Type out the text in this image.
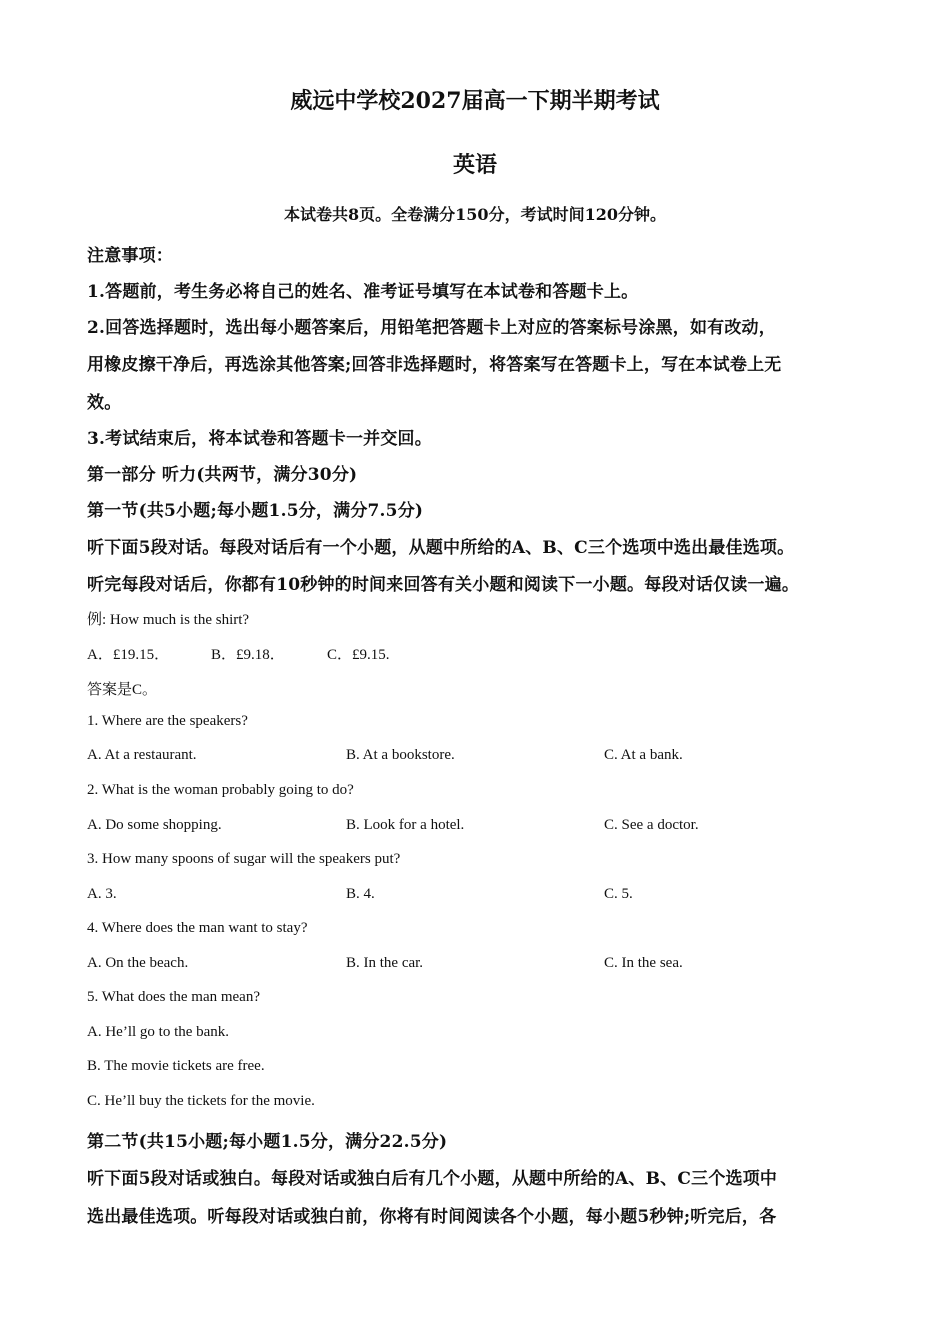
威远中学校2027届高一下期半期考试
英语
本试卷共8页。全卷满分150分，考试时间120分钟。
注意事项：
1.答题前，考生务必将自己的姓名、准考证号填写在本试卷和答题卡上。
2.回答选择题时，选出每小题答案后，用铅笔把答题卡上对应的答案标号涂黑，如有改动，
用橡皮擦干净后，再选涂其他答案;回答非选择题时，将答案写在答题卡上，写在本试卷上无
效。
3.考试结束后，将本试卷和答题卡一并交回。
第一部分 听力(共两节，满分30分)
第一节(共5小题;每小题1.5分，满分7.5分)
听下面5段对话。每段对话后有一个小题，从题中所给的A、B、C三个选项中选出最佳选项。
听完每段对话后，你都有10秒钟的时间来回答有关小题和阅读下一小题。每段对话仅读一遍。
例: How much is the shirt?
A．£19.15．	B．£9.18．	C．£9.15.
答案是C。
1. Where are the speakers?
A. At a restaurant.	B. At a bookstore.	C. At a bank.
2. What is the woman probably going to do?
A. Do some shopping.	B. Look for a hotel.	C. See a doctor.
3. How many spoons of sugar will the speakers put?
A. 3.	B. 4.	C. 5.
4. Where does the man want to stay?
A. On the beach.	B. In the car.	C. In the sea.
5. What does the man mean?
A. He’ll go to the bank.
B. The movie tickets are free.
C. He’ll buy the tickets for the movie.
第二节(共15小题;每小题1.5分，满分22.5分)
听下面5段对话或独白。每段对话或独白后有几个小题，从题中所给的A、B、C三个选项中
选出最佳选项。听每段对话或独白前，你将有时间阅读各个小题，每小题5秒钟;听完后，各
